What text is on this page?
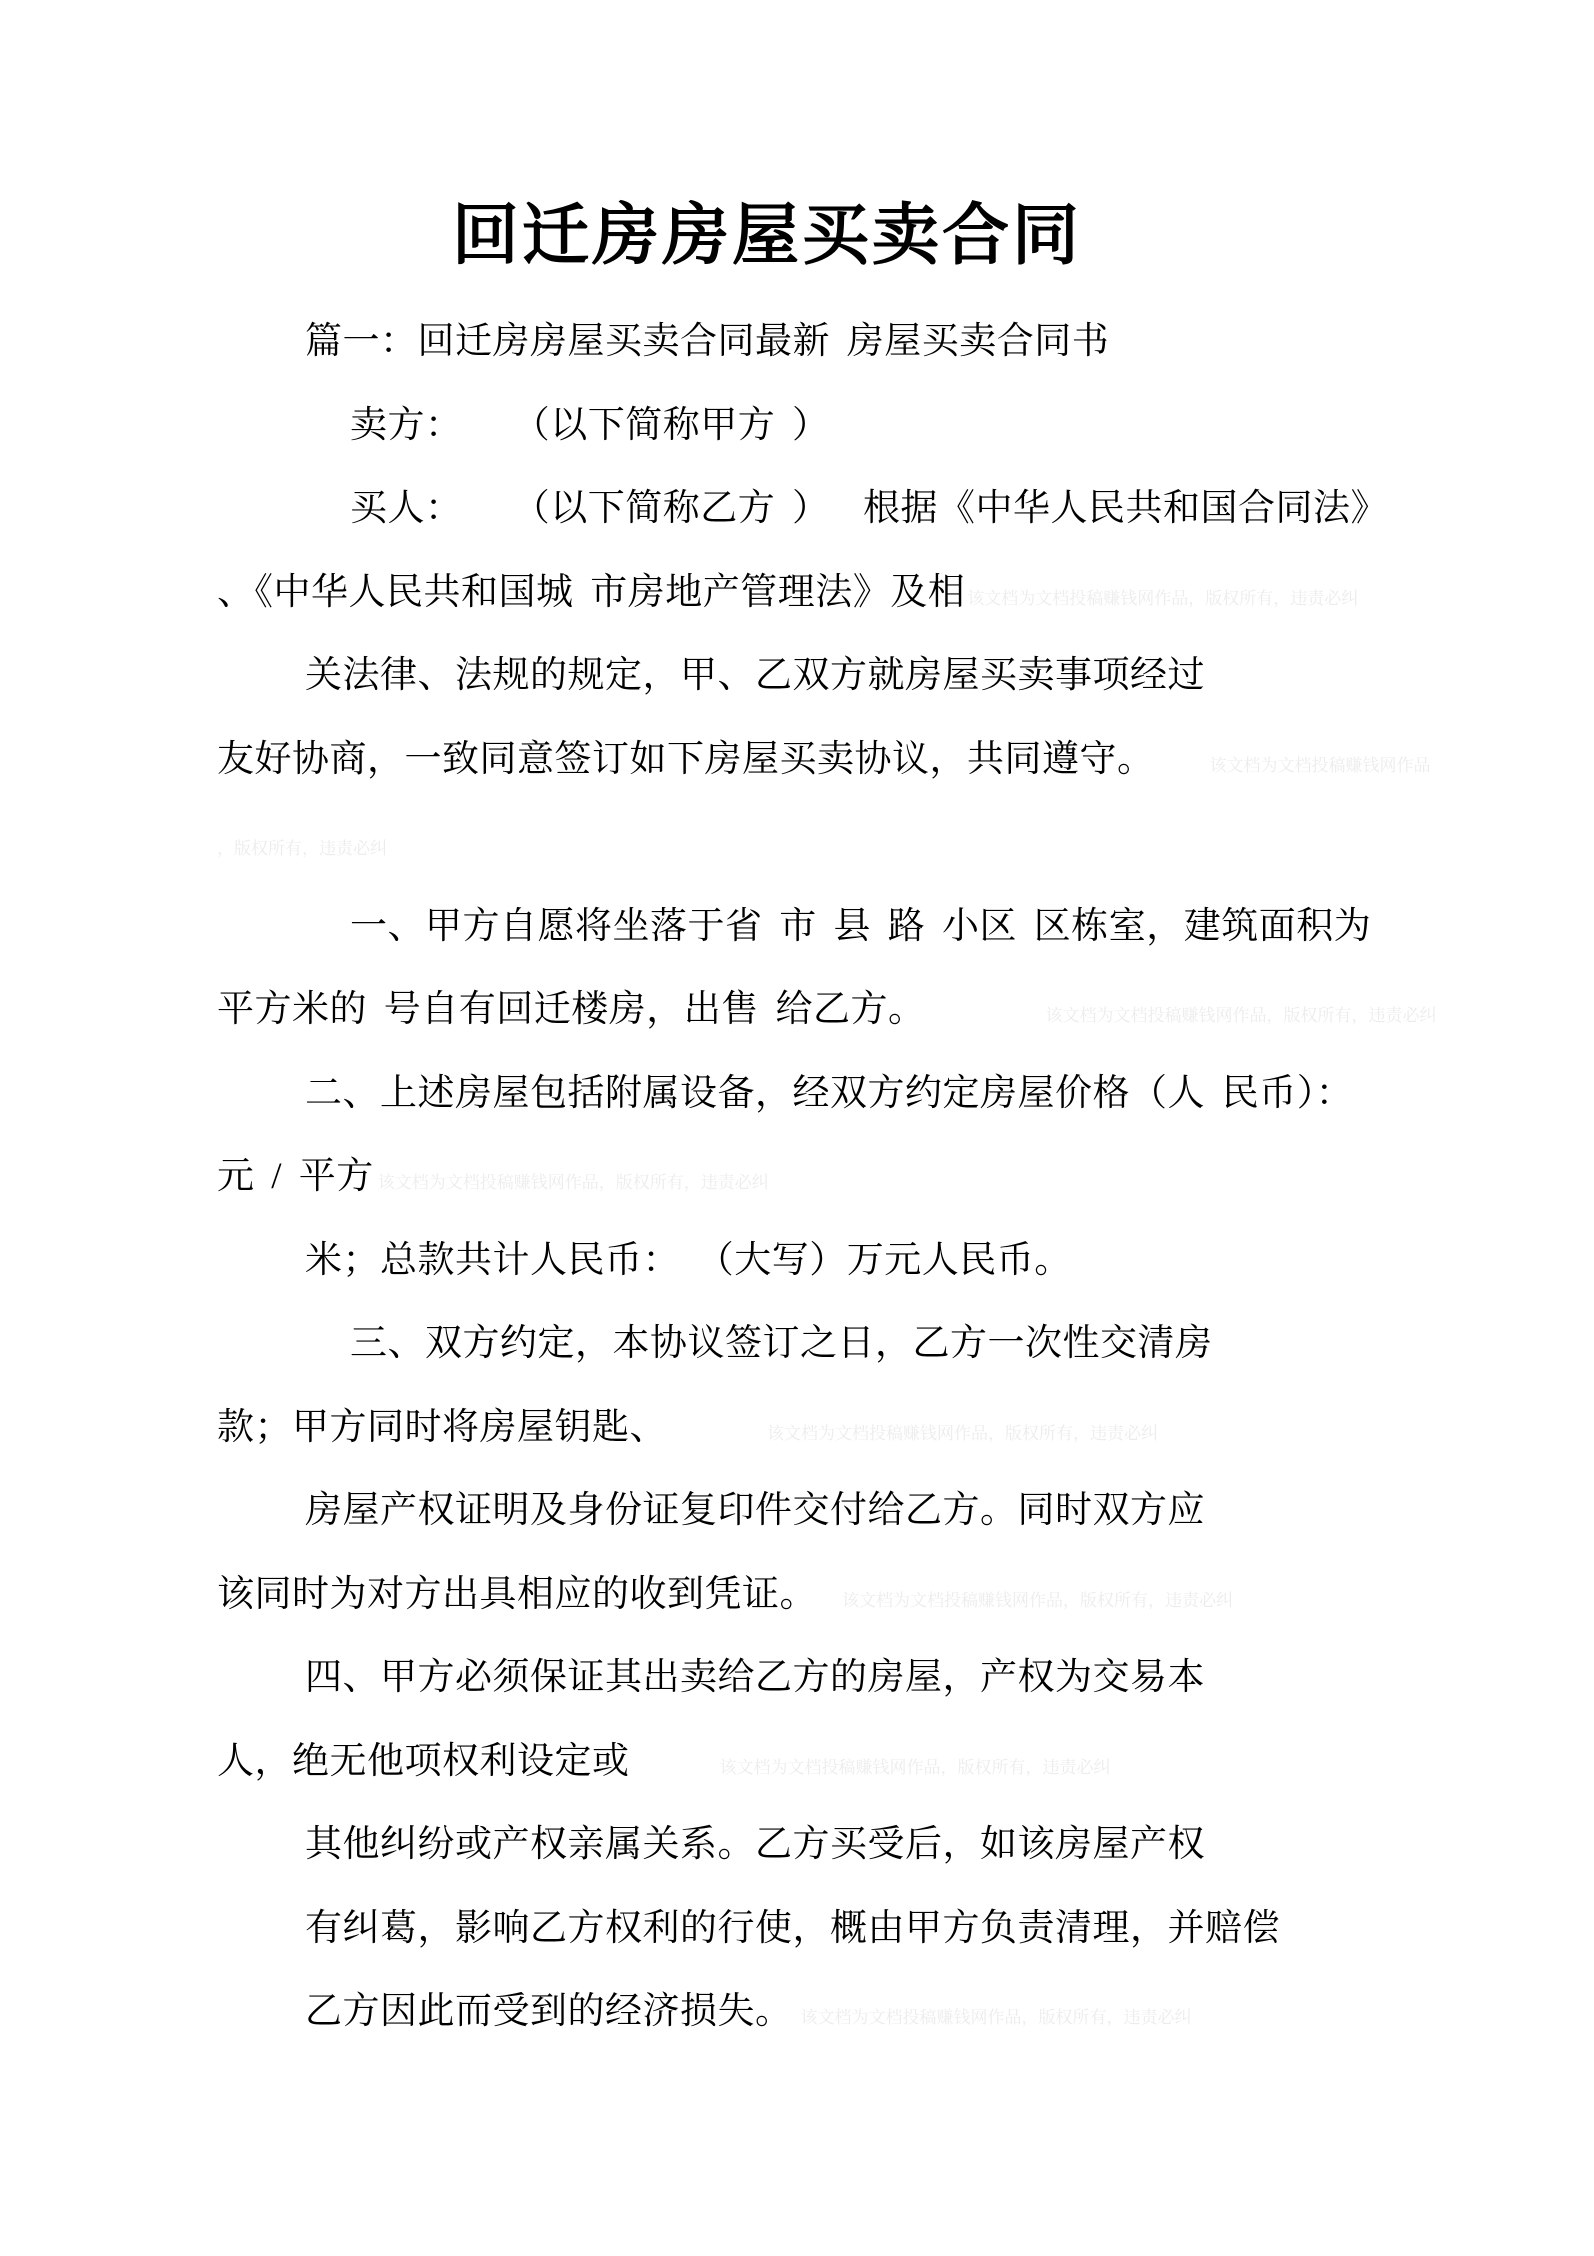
回迁房房屋买卖合同
篇一：回迁房房屋买卖合同最新 房屋买卖合同书
卖方：   （以下简称甲方 ）
买人：   （以下简称乙方 ）  根据《中华人民共和国合同法》
、《中华人民共和国城 市房地产管理法》及相 该文档为文档投稿赚钱网作品，版权所有，违责必纠
关法律、法规的规定，甲、乙双方就房屋买卖事项经过
友好协商，一致同意签订如下房屋买卖协议，共同遵守。	该文档为文档投稿赚钱网作品
，版权所有，违责必纠
一、甲方自愿将坐落于省 市 县 路 小区 区栋室，建筑面积为
平方米的 号自有回迁楼房，出售 给乙方。	该文档为文档投稿赚钱网作品，版权所有，违责必纠
二、上述房屋包括附属设备，经双方约定房屋价格（人 民币）：
元 / 平方 该文档为文档投稿赚钱网作品，版权所有，违责必纠
米；总款共计人民币： （大写）万元人民币。
三、双方约定，本协议签订之日，乙方一次性交清房
款；甲方同时将房屋钥匙、	该文档为文档投稿赚钱网作品，版权所有，违责必纠
房屋产权证明及身份证复印件交付给乙方。同时双方应
该同时为对方出具相应的收到凭证。 该文档为文档投稿赚钱网作品，版权所有，违责必纠
四、甲方必须保证其出卖给乙方的房屋，产权为交易本
人，绝无他项权利设定或	该文档为文档投稿赚钱网作品，版权所有，违责必纠
其他纠纷或产权亲属关系。乙方买受后，如该房屋产权
有纠葛，影响乙方权利的行使，概由甲方负责清理，并赔偿
乙方因此而受到的经济损失。 该文档为文档投稿赚钱网作品，版权所有，违责必纠
